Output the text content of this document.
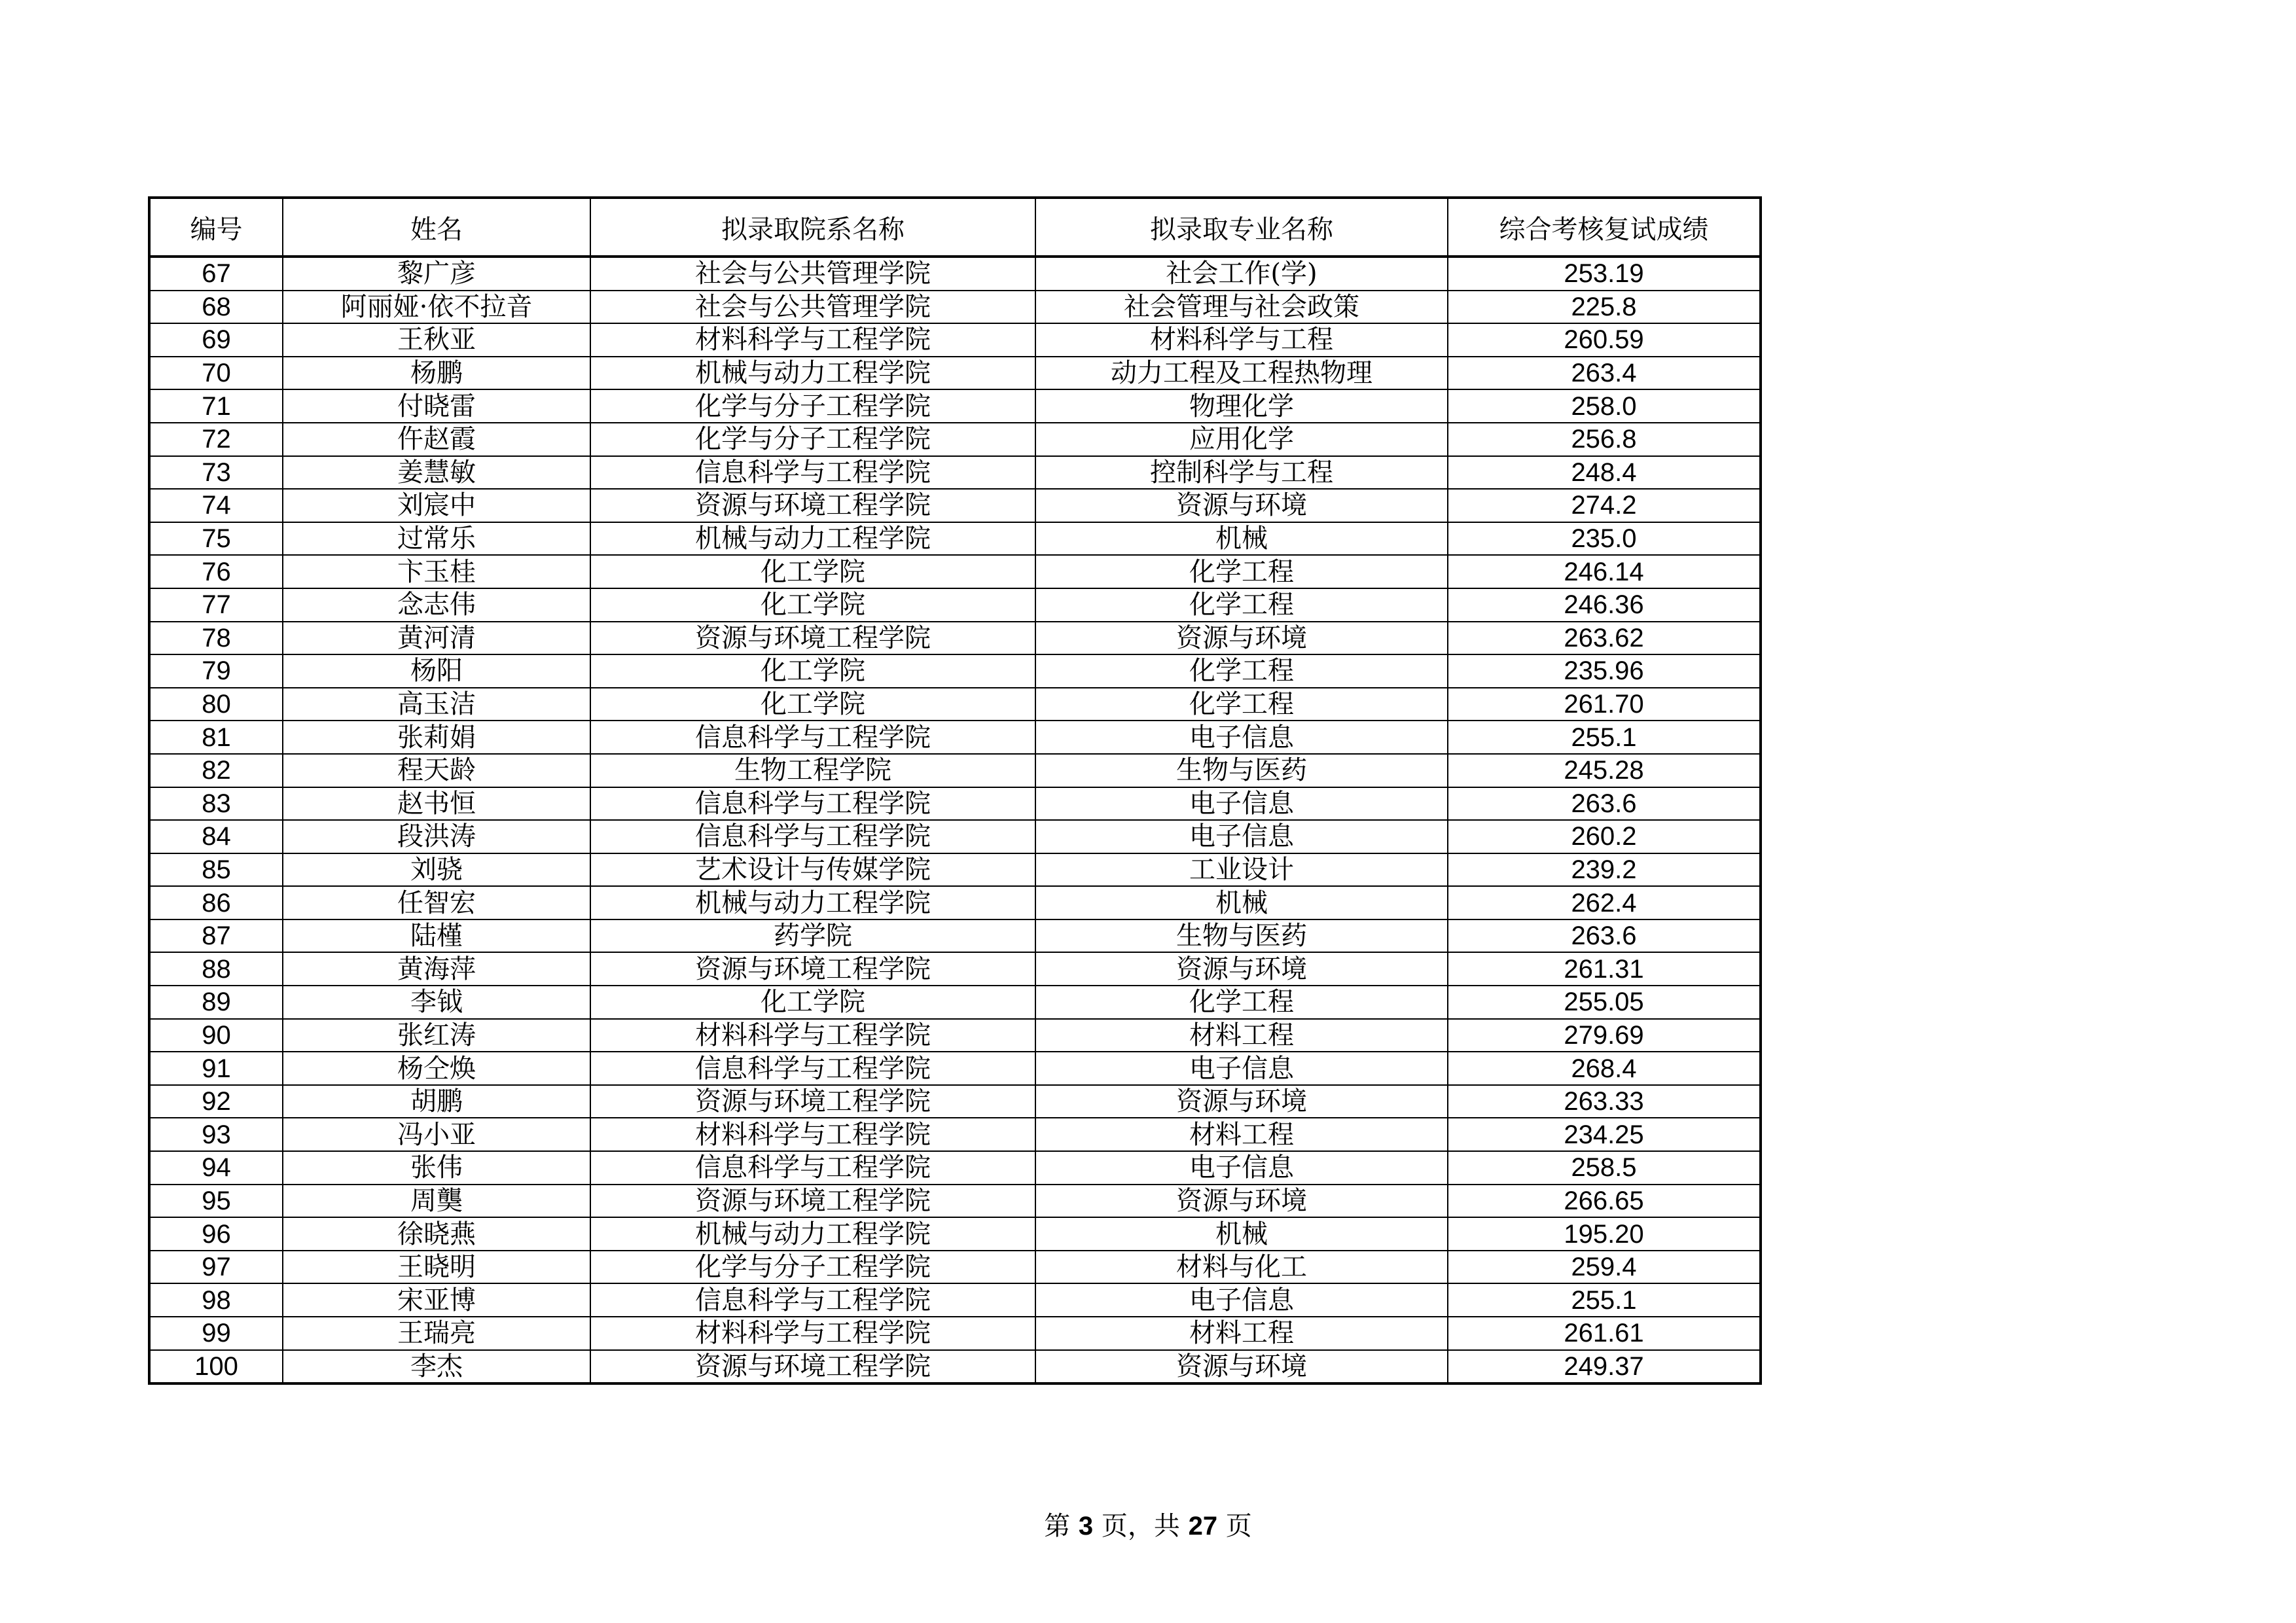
编号	姓名	拟录取院系名称	拟录取专业名称	综合考核复试成绩
67	黎广彦	社会与公共管理学院	社会工作(学)	253.19
68	阿丽娅·依不拉音	社会与公共管理学院	社会管理与社会政策	225.8
69	王秋亚	材料科学与工程学院	材料科学与工程	260.59
70	杨鹏	机械与动力工程学院	动力工程及工程热物理	263.4
71	付晓雷	化学与分子工程学院	物理化学	258.0
72	仵赵霞	化学与分子工程学院	应用化学	256.8
73	姜慧敏	信息科学与工程学院	控制科学与工程	248.4
74	刘宸中	资源与环境工程学院	资源与环境	274.2
75	过常乐	机械与动力工程学院	机械	235.0
76	卞玉桂	化工学院	化学工程	246.14
77	念志伟	化工学院	化学工程	246.36
78	黄河清	资源与环境工程学院	资源与环境	263.62
79	杨阳	化工学院	化学工程	235.96
80	高玉洁	化工学院	化学工程	261.70
81	张莉娟	信息科学与工程学院	电子信息	255.1
82	程天龄	生物工程学院	生物与医药	245.28
83	赵书恒	信息科学与工程学院	电子信息	263.6
84	段洪涛	信息科学与工程学院	电子信息	260.2
85	刘骁	艺术设计与传媒学院	工业设计	239.2
86	任智宏	机械与动力工程学院	机械	262.4
87	陆槿	药学院	生物与医药	263.6
88	黄海萍	资源与环境工程学院	资源与环境	261.31
89	李钺	化工学院	化学工程	255.05
90	张红涛	材料科学与工程学院	材料工程	279.69
91	杨仝焕	信息科学与工程学院	电子信息	268.4
92	胡鹏	资源与环境工程学院	资源与环境	263.33
93	冯小亚	材料科学与工程学院	材料工程	234.25
94	张伟	信息科学与工程学院	电子信息	258.5
95	周龑	资源与环境工程学院	资源与环境	266.65
96	徐晓燕	机械与动力工程学院	机械	195.20
97	王晓明	化学与分子工程学院	材料与化工	259.4
98	宋亚博	信息科学与工程学院	电子信息	255.1
99	王瑞亮	材料科学与工程学院	材料工程	261.61
100	李杰	资源与环境工程学院	资源与环境	249.37
第 3 页，共 27 页
